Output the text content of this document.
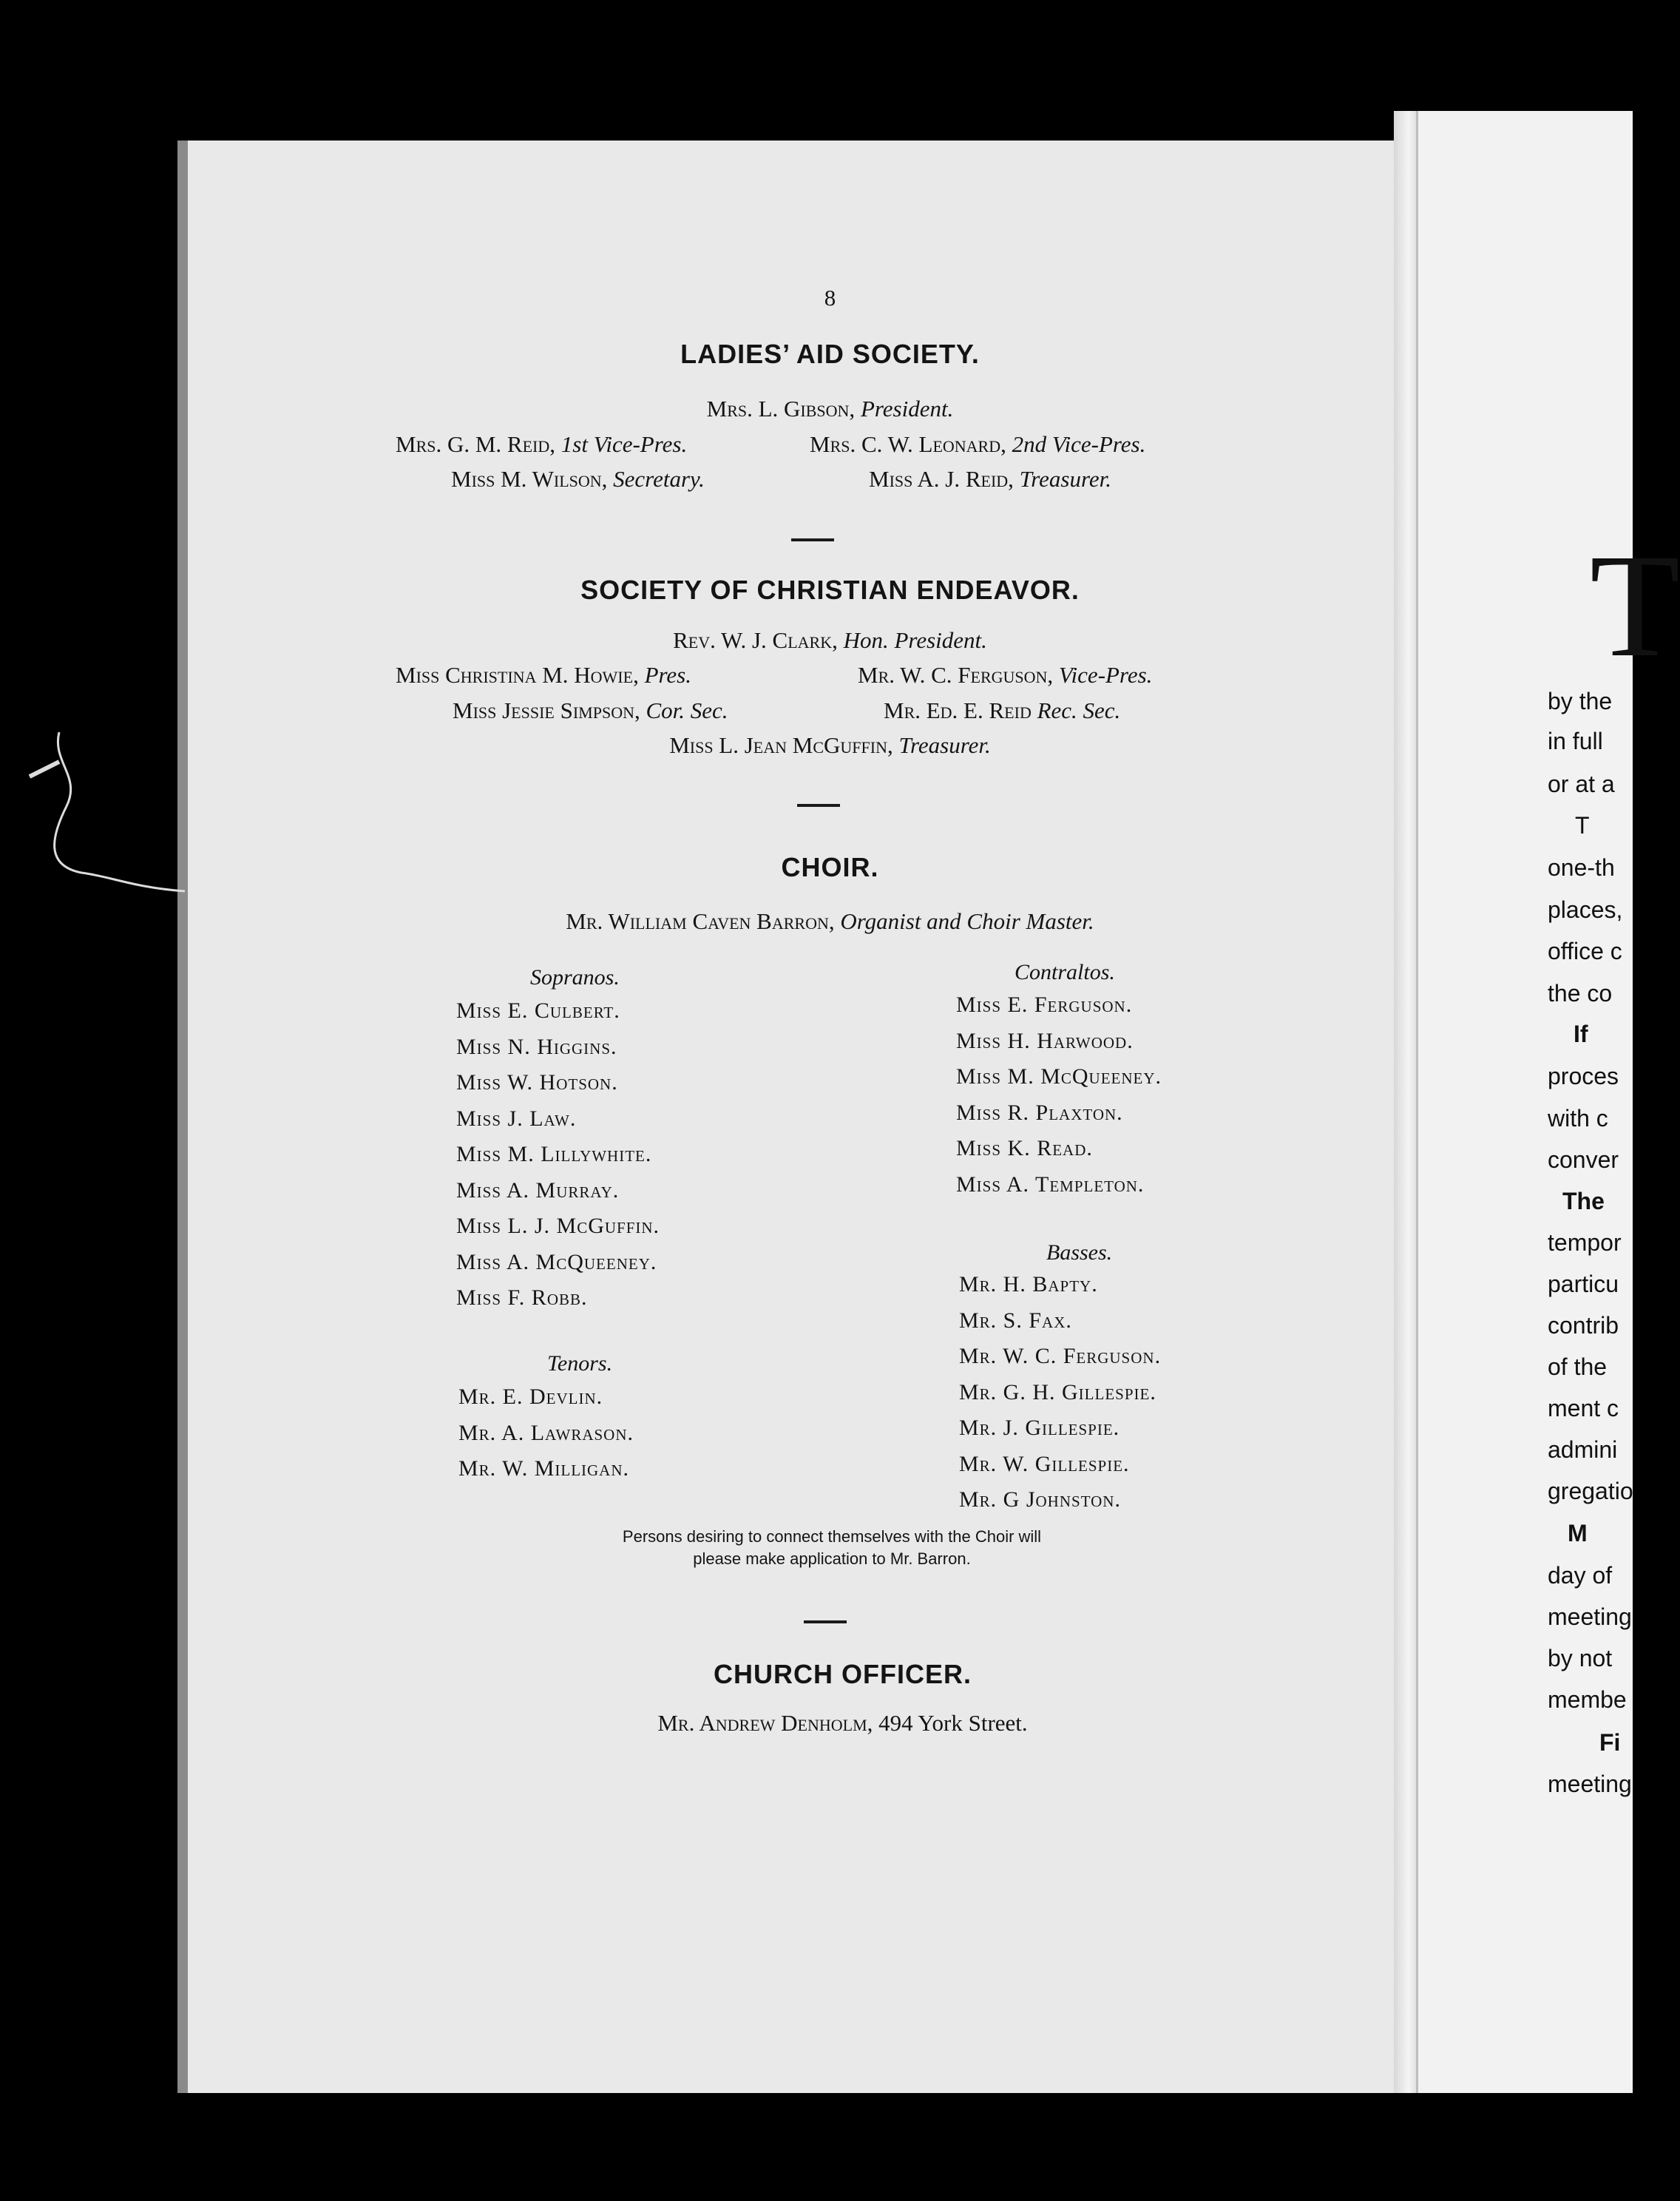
8
LADIES’ AID SOCIETY.
Mrs. L. Gibson, President.
Mrs. G. M. Reid, 1st Vice-Pres.	Mrs. C. W. Leonard, 2nd Vice-Pres.
Miss M. Wilson, Secretary.	Miss A. J. Reid, Treasurer.
SOCIETY OF CHRISTIAN ENDEAVOR.
Rev. W. J. Clark, Hon. President.
Miss Christina M. Howie, Pres.	Mr. W. C. Ferguson, Vice-Pres.
Miss Jessie Simpson, Cor. Sec.	Mr. Ed. E. Reid Rec. Sec.
Miss L. Jean McGuffin, Treasurer.
CHOIR.
Mr. William Caven Barron, Organist and Choir Master.
Sopranos.	Contraltos.
Miss E. Culbert.
Miss N. Higgins.
Miss W. Hotson.
Miss J. Law.
Miss M. Lillywhite.
Miss A. Murray.
Miss L. J. McGuffin.
Miss A. McQueeney.
Miss F. Robb.
Miss E. Ferguson.
Miss H. Harwood.
Miss M. McQueeney.
Miss R. Plaxton.
Miss K. Read.
Miss A. Templeton.
Basses.
Mr. H. Bapty.
Mr. S. Fax.
Mr. W. C. Ferguson.
Mr. G. H. Gillespie.
Mr. J. Gillespie.
Mr. W. Gillespie.
Mr. G Johnston.
Tenors.
Mr. E. Devlin.
Mr. A. Lawrason.
Mr. W. Milligan.
Persons desiring to connect themselves with the Choir will
please make application to Mr. Barron.
CHURCH OFFICER.
Mr. Andrew Denholm, 494 York Street.
T
by the
in full
or at a
T
one-th
places,
office c
the co
If
proces
with c
conver
The
tempor
particu
contrib
of the
ment c
admini
gregatio
M
day of
meeting
by not
membe
Fi
meeting
